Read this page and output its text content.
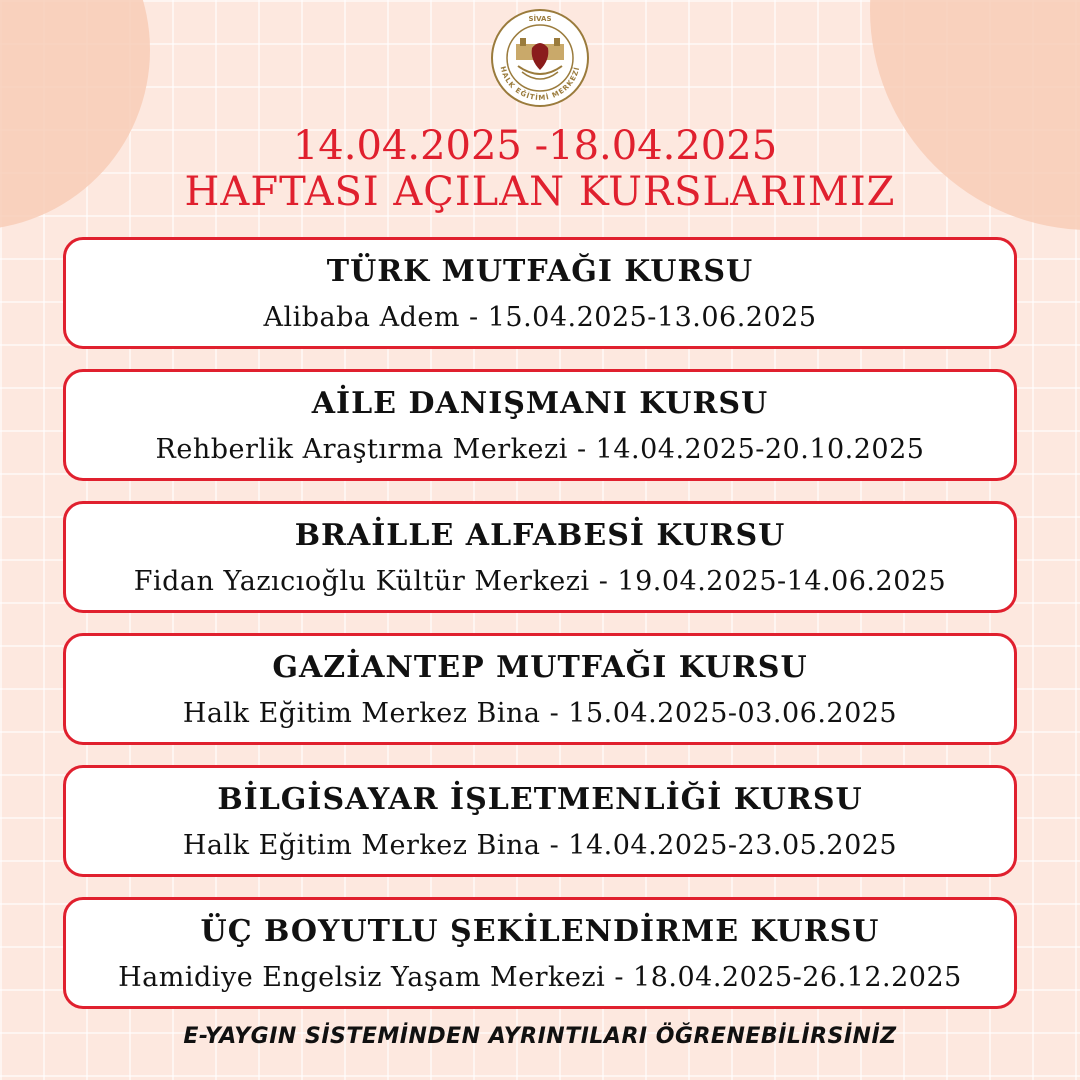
SİVAS
HALK EĞİTİMİ MERKEZİ
14.04.2025 -18.04.2025
HAFTASI AÇILAN KURSLARIMIZ
TÜRK MUTFAĞI KURSU
Alibaba Adem - 15.04.2025-13.06.2025
AİLE DANIŞMANI KURSU
Rehberlik Araştırma Merkezi - 14.04.2025-20.10.2025
BRAİLLE ALFABESİ KURSU
Fidan Yazıcıoğlu Kültür Merkezi - 19.04.2025-14.06.2025
GAZİANTEP MUTFAĞI KURSU
Halk Eğitim Merkez Bina - 15.04.2025-03.06.2025
BİLGİSAYAR İŞLETMENLİĞİ KURSU
Halk Eğitim Merkez Bina - 14.04.2025-23.05.2025
ÜÇ BOYUTLU ŞEKİLENDİRME KURSU
Hamidiye Engelsiz Yaşam Merkezi - 18.04.2025-26.12.2025
E-YAYGIN SİSTEMİNDEN AYRINTILARI ÖĞRENEBİLİRSİNİZ
